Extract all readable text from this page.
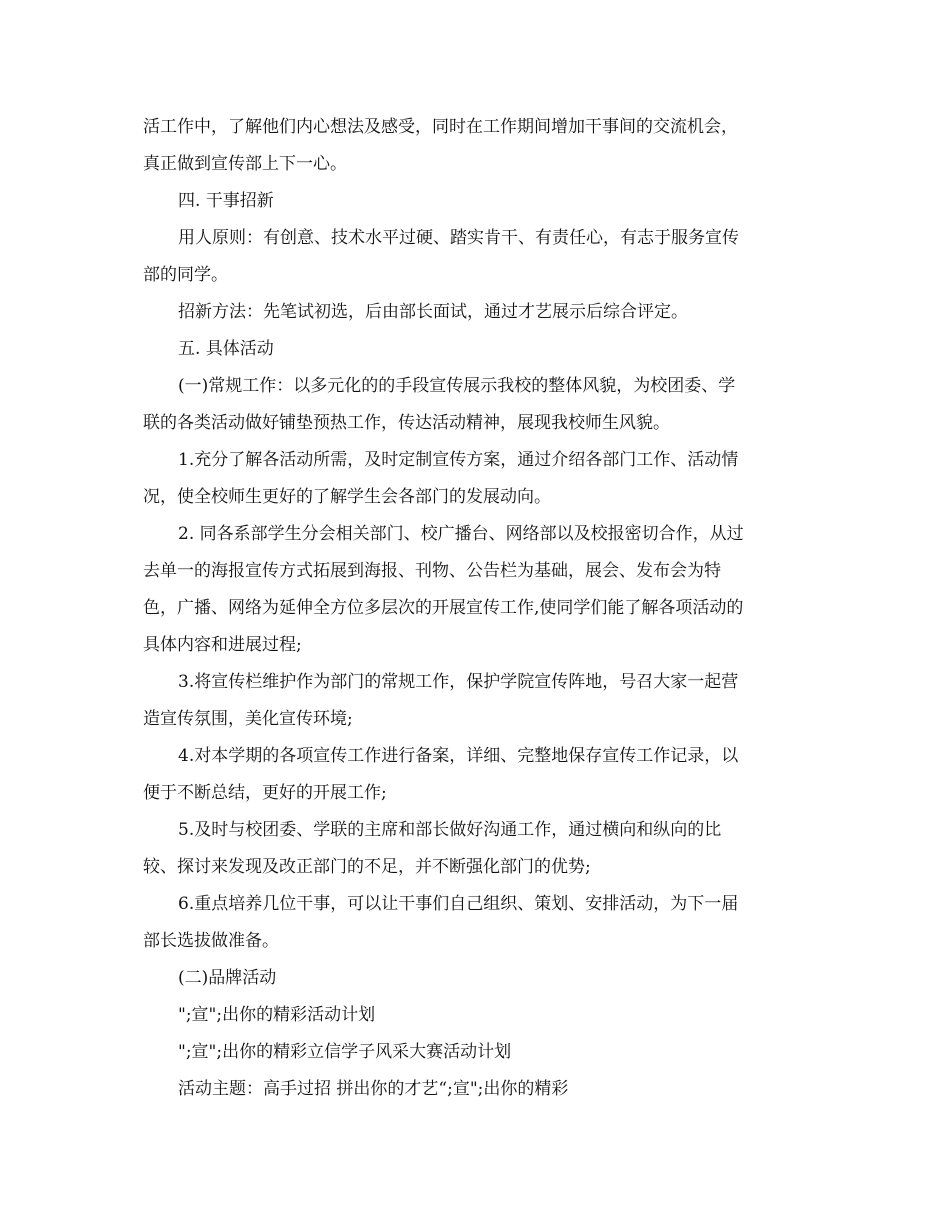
活工作中，了解他们内心想法及感受，同时在工作期间增加干事间的交流机会，
真正做到宣传部上下一心。
四. 干事招新
用人原则：有创意、技术水平过硬、踏实肯干、有责任心，有志于服务宣传
部的同学。
招新方法：先笔试初选，后由部长面试，通过才艺展示后综合评定。
五. 具体活动
(一)常规工作：以多元化的的手段宣传展示我校的整体风貌，为校团委、学
联的各类活动做好铺垫预热工作，传达活动精神，展现我校师生风貌。
1.充分了解各活动所需，及时定制宣传方案，通过介绍各部门工作、活动情
况，使全校师生更好的了解学生会各部门的发展动向。
2. 同各系部学生分会相关部门、校广播台、网络部以及校报密切合作，从过
去单一的海报宣传方式拓展到海报、刊物、公告栏为基础，展会、发布会为特
色，广播、网络为延伸全方位多层次的开展宣传工作,使同学们能了解各项活动的
具体内容和进展过程;
3.将宣传栏维护作为部门的常规工作，保护学院宣传阵地，号召大家一起营
造宣传氛围，美化宣传环境;
4.对本学期的各项宣传工作进行备案，详细、完整地保存宣传工作记录，以
便于不断总结，更好的开展工作;
5.及时与校团委、学联的主席和部长做好沟通工作，通过横向和纵向的比
较、探讨来发现及改正部门的不足，并不断强化部门的优势;
6.重点培养几位干事，可以让干事们自己组织、策划、安排活动，为下一届
部长选拔做准备。
(二)品牌活动
";宣";出你的精彩活动计划
";宣";出你的精彩立信学子风采大赛活动计划
活动主题：高手过招 拼出你的才艺“;宣";出你的精彩
